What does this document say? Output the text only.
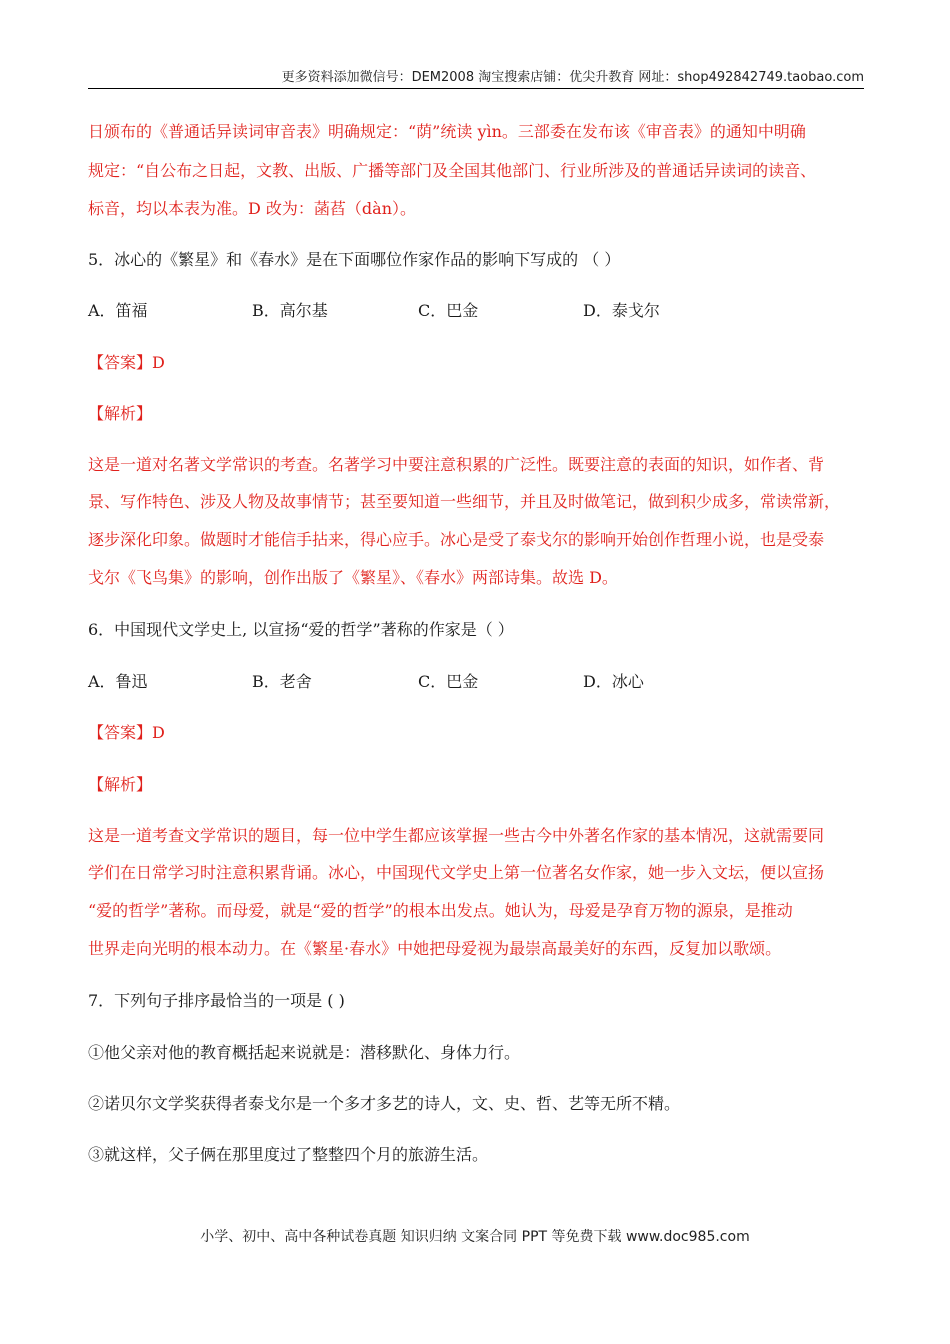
更多资料添加微信号：DEM2008 淘宝搜索店铺：优尖升教育 网址：shop492842749.taobao.com
日颁布的《普通话异读词审音表》明确规定：“荫”统读 yìn。三部委在发布该《审音表》的通知中明确
规定：“自公布之日起，文教、出版、广播等部门及全国其他部门、行业所涉及的普通话异读词的读音、
标音，均以本表为准。D 改为：菡萏（dàn）。
5．冰心的《繁星》和《春水》是在下面哪位作家作品的影响下写成的 （ ）
A．笛福	B．高尔基	C．巴金	D．泰戈尔
【答案】D
【解析】
这是一道对名著文学常识的考查。名著学习中要注意积累的广泛性。既要注意的表面的知识，如作者、背
景、写作特色、涉及人物及故事情节；甚至要知道一些细节，并且及时做笔记，做到积少成多，常读常新，
逐步深化印象。做题时才能信手拈来，得心应手。冰心是受了泰戈尔的影响开始创作哲理小说，也是受泰
戈尔《飞鸟集》的影响，创作出版了《繁星》、《春水》两部诗集。故选 D。
6．中国现代文学史上, 以宣扬“爱的哲学”著称的作家是（ ）
A．鲁迅	B．老舍	C．巴金	D．冰心
【答案】D
【解析】
这是一道考查文学常识的题目，每一位中学生都应该掌握一些古今中外著名作家的基本情况，这就需要同
学们在日常学习时注意积累背诵。冰心，中国现代文学史上第一位著名女作家，她一步入文坛，便以宣扬
“爱的哲学”著称。而母爱，就是“爱的哲学”的根本出发点。她认为，母爱是孕育万物的源泉，是推动
世界走向光明的根本动力。在《繁星·春水》中她把母爱视为最崇高最美好的东西，反复加以歌颂。
7．下列句子排序最恰当的一项是 ( )
①他父亲对他的教育概括起来说就是：潜移默化、身体力行。
②诺贝尔文学奖获得者泰戈尔是一个多才多艺的诗人，文、史、哲、艺等无所不精。
③就这样，父子俩在那里度过了整整四个月的旅游生活。
小学、初中、高中各种试卷真题 知识归纳 文案合同 PPT 等免费下载 www.doc985.com
